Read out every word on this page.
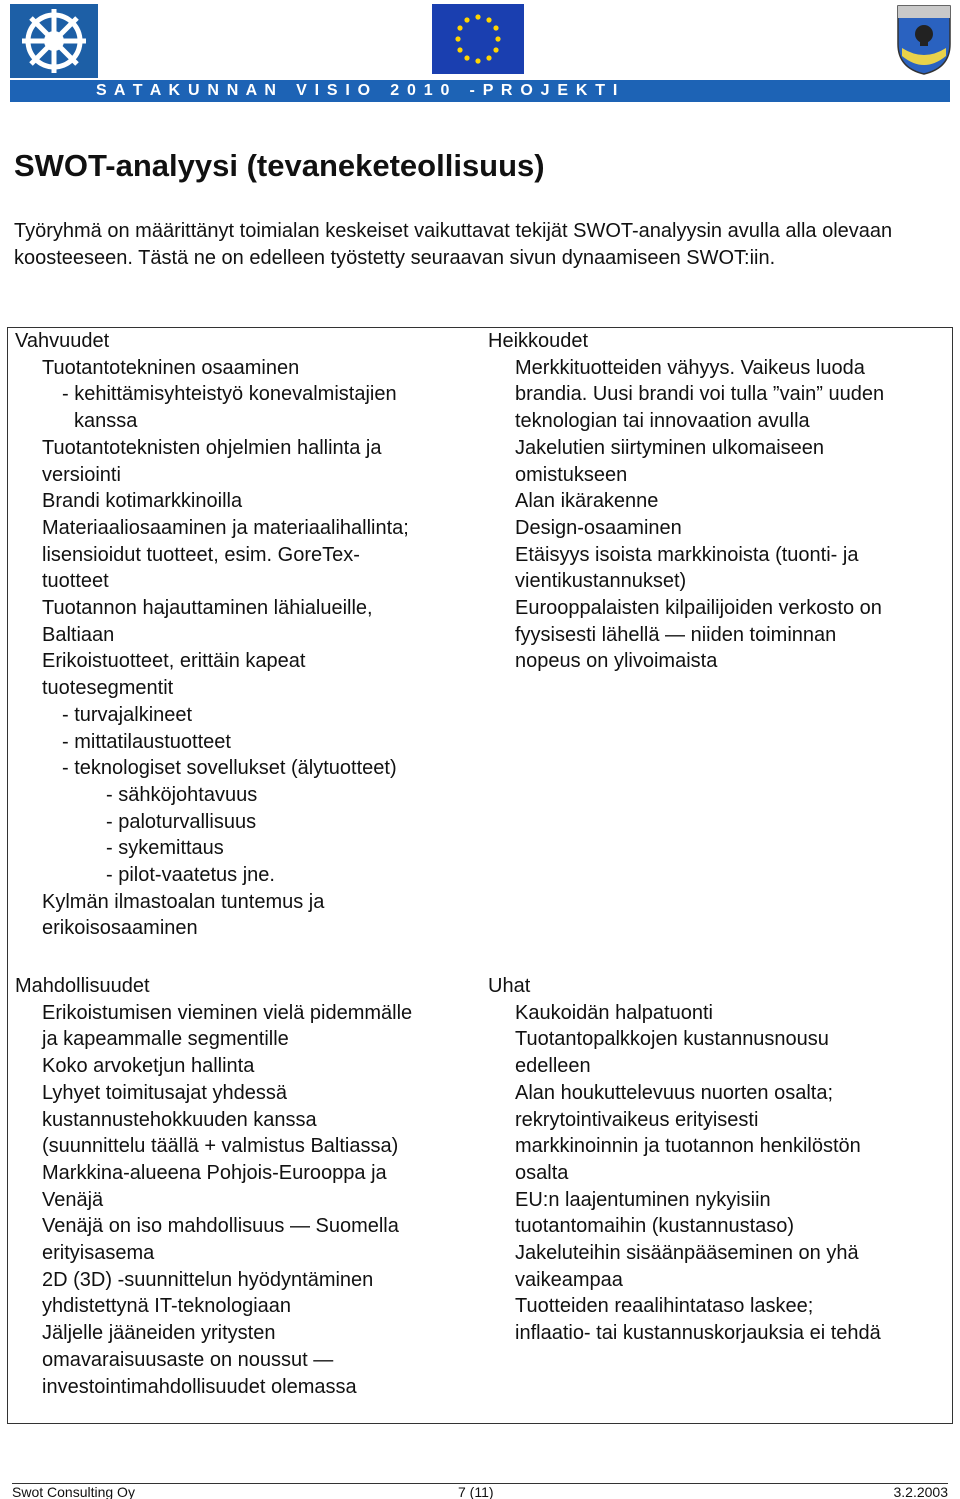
S A T A K U N N A N   V I S I O   2 0 1 0   - P R O J E K T I
SWOT-analyysi (tevaneketeollisuus)

Työryhmä on määrittänyt toimialan keskeiset vaikuttavat tekijät SWOT-analyysin avulla alla olevaan koosteeseen. Tästä ne on edelleen työstetty seuraavan sivun dynaamiseen SWOT:iin.

Vahvuudet
Tuotantotekninen osaaminen
- kehittämisyhteistyö konevalmistajien
kanssa
Tuotantoteknisten ohjelmien hallinta ja
versiointi
Brandi kotimarkkinoilla
Materiaaliosaaminen ja materiaalihallinta;
lisensioidut tuotteet, esim. GoreTex-
tuotteet
Tuotannon hajauttaminen lähialueille,
Baltiaan
Erikoistuotteet, erittäin kapeat
tuotesegmentit
- turvajalkineet
- mittatilaustuotteet
- teknologiset sovellukset (älytuotteet)
- sähköjohtavuus
- paloturvallisuus
- sykemittaus
- pilot-vaatetus jne.
Kylmän ilmastoalan tuntemus ja
erikoisosaaminen
Heikkoudet
Merkkituotteiden vähyys. Vaikeus luoda
brandia. Uusi brandi voi tulla ”vain” uuden
teknologian tai innovaation avulla
Jakelutien siirtyminen ulkomaiseen
omistukseen
Alan ikärakenne
Design-osaaminen
Etäisyys isoista markkinoista (tuonti- ja
vientikustannukset)
Eurooppalaisten kilpailijoiden verkosto on
fyysisesti lähellä — niiden toiminnan
nopeus on ylivoimaista
Mahdollisuudet
Erikoistumisen vieminen vielä pidemmälle
ja kapeammalle segmentille
Koko arvoketjun hallinta
Lyhyet toimitusajat yhdessä
kustannustehokkuuden kanssa
(suunnittelu täällä + valmistus Baltiassa)
Markkina-alueena Pohjois-Eurooppa ja
Venäjä
Venäjä on iso mahdollisuus — Suomella
erityisasema
2D (3D) -suunnittelun hyödyntäminen
yhdistettynä IT-teknologiaan
Jäljelle jääneiden yritysten
omavaraisuusaste on noussut —
investointimahdollisuudet olemassa
Uhat
Kaukoidän halpatuonti
Tuotantopalkkojen kustannusnousu
edelleen
Alan houkuttelevuus nuorten osalta;
rekrytointivaikeus erityisesti
markkinoinnin ja tuotannon henkilöstön
osalta
EU:n laajentuminen nykyisiin
tuotantomaihin (kustannustaso)
Jakeluteihin sisäänpääseminen on yhä
vaikeampaa
Tuotteiden reaalihintataso laskee;
inflaatio- tai kustannuskorjauksia ei tehdä
Swot Consulting Oy	7 (11)	3.2.2003
